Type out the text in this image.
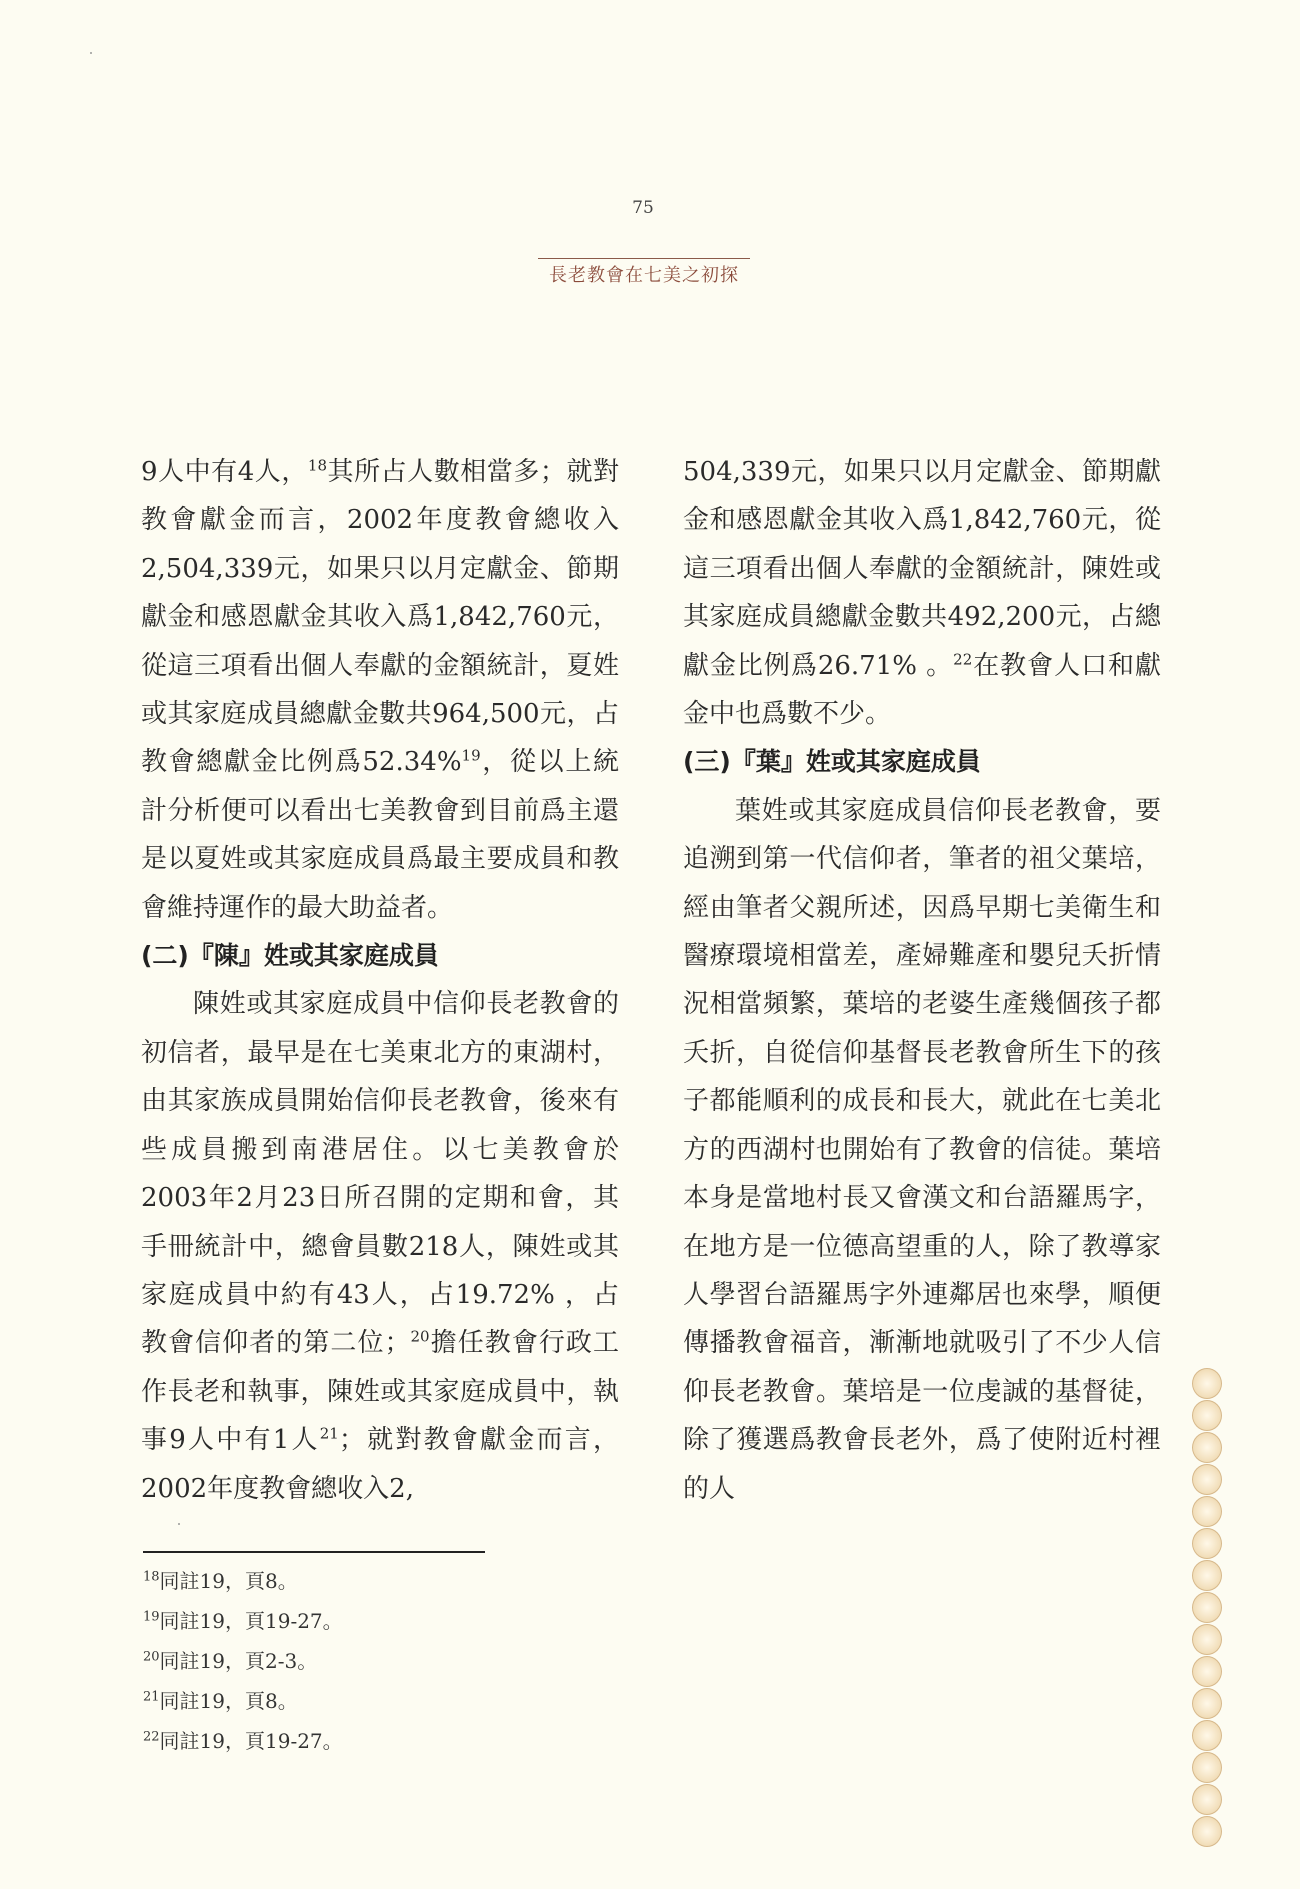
75
長老教會在七美之初探

9人中有4人，$^{18}$其所占人數相當多；就對教會獻金而言，2002年度教會總收入2,504,339元，如果只以月定獻金、節期獻金和感恩獻金其收入爲1,842,760元，從這三項看出個人奉獻的金額統計，夏姓或其家庭成員總獻金數共964,500元，占教會總獻金比例爲52.34%$^{19}$，從以上統計分析便可以看出七美教會到目前爲主還是以夏姓或其家庭成員爲最主要成員和教會維持運作的最大助益者。

(二)『陳』姓或其家庭成員

陳姓或其家庭成員中信仰長老教會的初信者，最早是在七美東北方的東湖村，由其家族成員開始信仰長老教會，後來有些成員搬到南港居住。以七美教會於2003年2月23日所召開的定期和會，其手冊統計中，總會員數218人，陳姓或其家庭成員中約有43人，占19.72% ，占教會信仰者的第二位；$^{20}$擔任教會行政工作長老和執事，陳姓或其家庭成員中，執事9人中有1人$^{21}$；就對教會獻金而言，2002年度教會總收入2,

504,339元，如果只以月定獻金、節期獻金和感恩獻金其收入爲1,842,760元，從這三項看出個人奉獻的金額統計，陳姓或其家庭成員總獻金數共492,200元，占總獻金比例爲26.71% 。$^{22}$在教會人口和獻金中也爲數不少。

(三)『葉』姓或其家庭成員

葉姓或其家庭成員信仰長老教會，要追溯到第一代信仰者，筆者的祖父葉培，經由筆者父親所述，因爲早期七美衛生和醫療環境相當差，產婦難產和嬰兒夭折情況相當頻繁，葉培的老婆生產幾個孩子都夭折，自從信仰基督長老教會所生下的孩子都能順利的成長和長大，就此在七美北方的西湖村也開始有了教會的信徒。葉培本身是當地村長又會漢文和台語羅馬字，在地方是一位德高望重的人，除了教導家人學習台語羅馬字外連鄰居也來學，順便傳播教會福音，漸漸地就吸引了不少人信仰長老教會。葉培是一位虔誠的基督徒，除了獲選爲教會長老外，爲了使附近村裡的人

$^{18}$同註19，頁8。

$^{19}$同註19，頁19-27。

$^{20}$同註19，頁2-3。

$^{21}$同註19，頁8。

$^{22}$同註19，頁19-27。
